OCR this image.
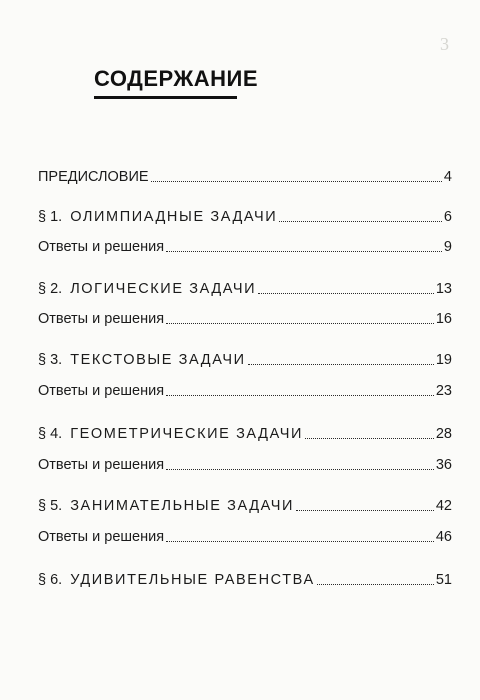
3
СОДЕРЖАНИЕ
ПРЕДИСЛОВИЕ	4
§ 1. ОЛИМПИАДНЫЕ ЗАДАЧИ	6
Ответы и решения	9
§ 2. ЛОГИЧЕСКИЕ ЗАДАЧИ	13
Ответы и решения	16
§ 3. ТЕКСТОВЫЕ ЗАДАЧИ	19
Ответы и решения	23
§ 4. ГЕОМЕТРИЧЕСКИЕ ЗАДАЧИ	28
Ответы и решения	36
§ 5. ЗАНИМАТЕЛЬНЫЕ ЗАДАЧИ	42
Ответы и решения	46
§ 6. УДИВИТЕЛЬНЫЕ РАВЕНСТВА	51
